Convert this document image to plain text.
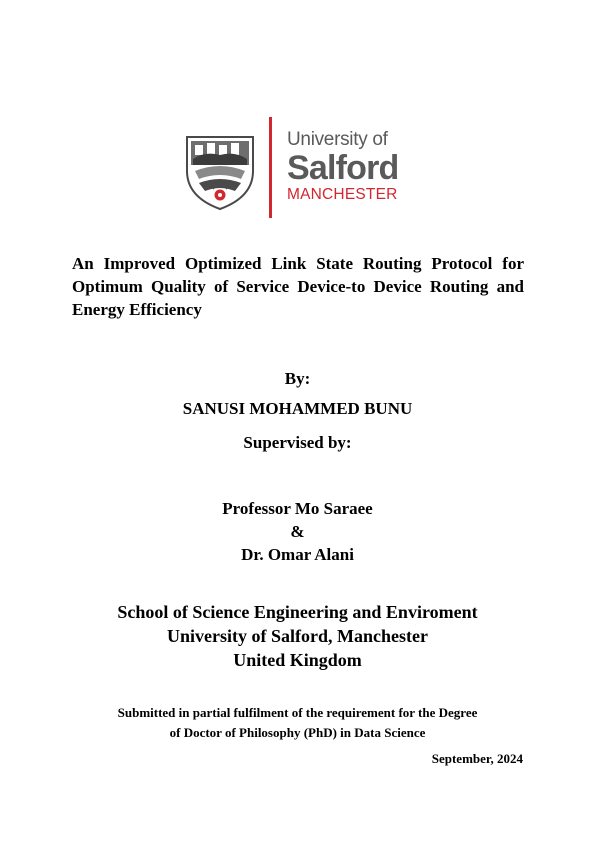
University of
Salford
MANCHESTER

An Improved Optimized Link State Routing Protocol for Optimum Quality of Service Device-to Device Routing and Energy Efficiency

By:
SANUSI MOHAMMED BUNU
Supervised by:
Professor Mo Saraee
&
Dr. Omar Alani
School of Science Engineering and Enviroment
University of Salford, Manchester
United Kingdom
Submitted in partial fulfilment of the requirement for the Degree
of Doctor of Philosophy (PhD) in Data Science
September, 2024
